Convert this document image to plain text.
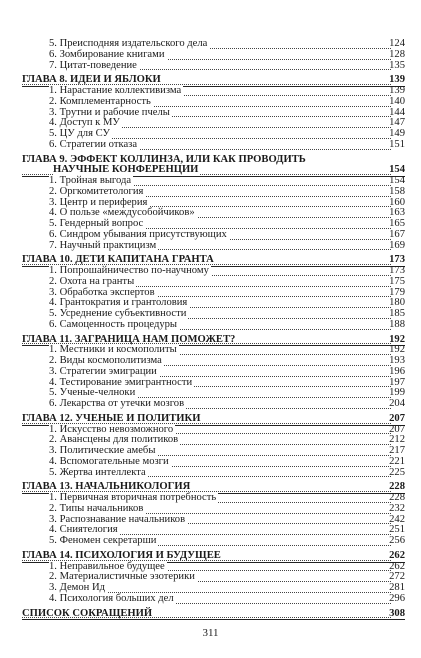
5. Преисподняя издательского дела	124
6. Зомбирование книгами	128
7. Цитат-поведение	135
ГЛАВА 8. ИДЕИ И ЯБЛОКИ	139
1. Нарастание коллективизма	139
2. Комплементарность	140
3. Трутни и рабочие пчелы	144
4. Доступ к МУ	147
5. ЦУ для СУ	149
6. Стратегии отказа	151
ГЛАВА 9. ЭФФЕКТ КОЛЛИНЗА, ИЛИ КАК ПРОВОДИТЬ
НАУЧНЫЕ КОНФЕРЕНЦИИ	154
1. Тройная выгода	154
2. Оргкомитетология	158
3. Центр и периферия	160
4. О пользе «междусобойчиков»	163
5. Гендерный вопрос	165
6. Синдром убывания присутствующих	167
7. Научный практицизм	169
ГЛАВА 10. ДЕТИ КАПИТАНА ГРАНТА	173
1. Попрошайничество по-научному	173
2. Охота на гранты	175
3. Обработка экспертов	179
4. Грантократия и грантоловия	180
5. Усреднение субъективности	185
6. Самоценность процедуры	188
ГЛАВА 11. ЗАГРАНИЦА НАМ ПОМОЖЕТ?	192
1. Местники и космополиты	192
2. Виды космополитизма	193
3. Стратегии эмиграции	196
4. Тестирование эмигрантности	197
5. Ученые-челноки	199
6. Лекарства от утечки мозгов	204
ГЛАВА 12. УЧЕНЫЕ И ПОЛИТИКИ	207
1. Искусство невозможного	207
2. Авансцены для политиков	212
3. Политические амебы	217
4. Вспомогательные мозги	221
5. Жертва интеллекта	225
ГЛАВА 13. НАЧАЛЬНИКОЛОГИЯ	228
1. Первичная вторичная потребность	228
2. Типы начальников	232
3. Распознавание начальников	242
4. Сниятелогия	251
5. Феномен секретарши	256
ГЛАВА 14. ПСИХОЛОГИЯ И БУДУЩЕЕ	262
1. Неправильное будущее	262
2. Материалистичные эзотерики	272
3. Демон Ид	281
4. Психология больших дел	296
СПИСОК СОКРАЩЕНИЙ	308
311
